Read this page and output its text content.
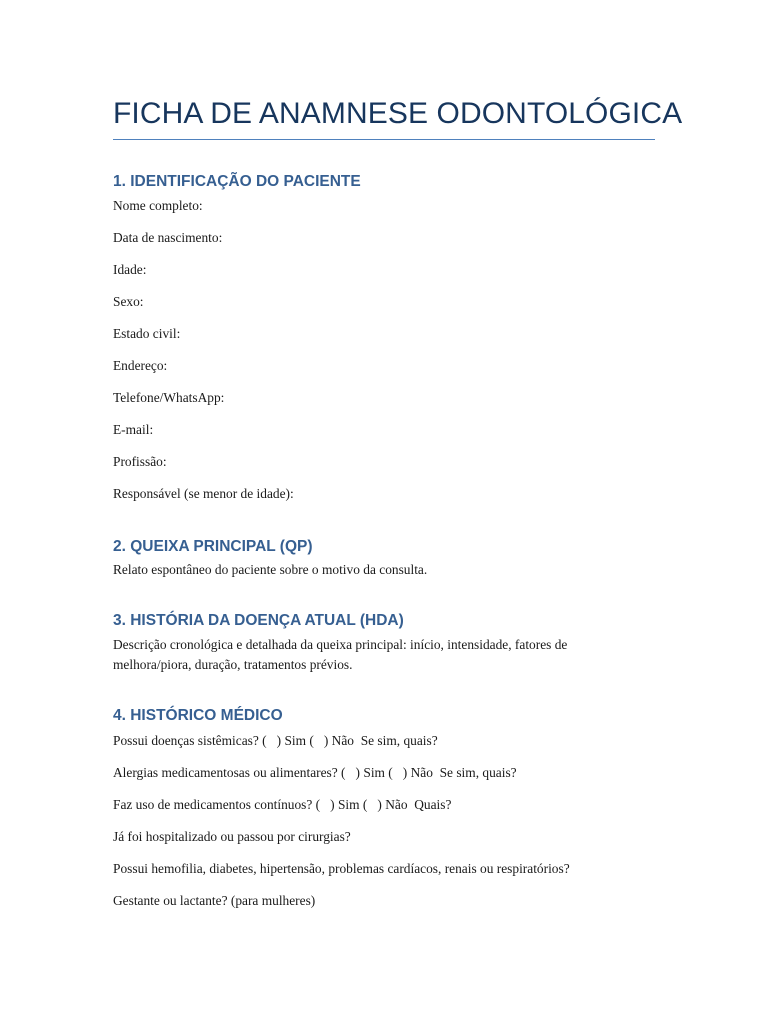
FICHA DE ANAMNESE ODONTOLÓGICA
1. IDENTIFICAÇÃO DO PACIENTE

Nome completo:

Data de nascimento:

Idade:

Sexo:

Estado civil:

Endereço:

Telefone/WhatsApp:

E-mail:

Profissão:

Responsável (se menor de idade):

2. QUEIXA PRINCIPAL (QP)

Relato espontâneo do paciente sobre o motivo da consulta.

3. HISTÓRIA DA DOENÇA ATUAL (HDA)

Descrição cronológica e detalhada da queixa principal: início, intensidade, fatores de

melhora/piora, duração, tratamentos prévios.

4. HISTÓRICO MÉDICO

Possui doenças sistêmicas? (   ) Sim (   ) Não  Se sim, quais?

Alergias medicamentosas ou alimentares? (   ) Sim (   ) Não  Se sim, quais?

Faz uso de medicamentos contínuos? (   ) Sim (   ) Não  Quais?

Já foi hospitalizado ou passou por cirurgias?

Possui hemofilia, diabetes, hipertensão, problemas cardíacos, renais ou respiratórios?

Gestante ou lactante? (para mulheres)
